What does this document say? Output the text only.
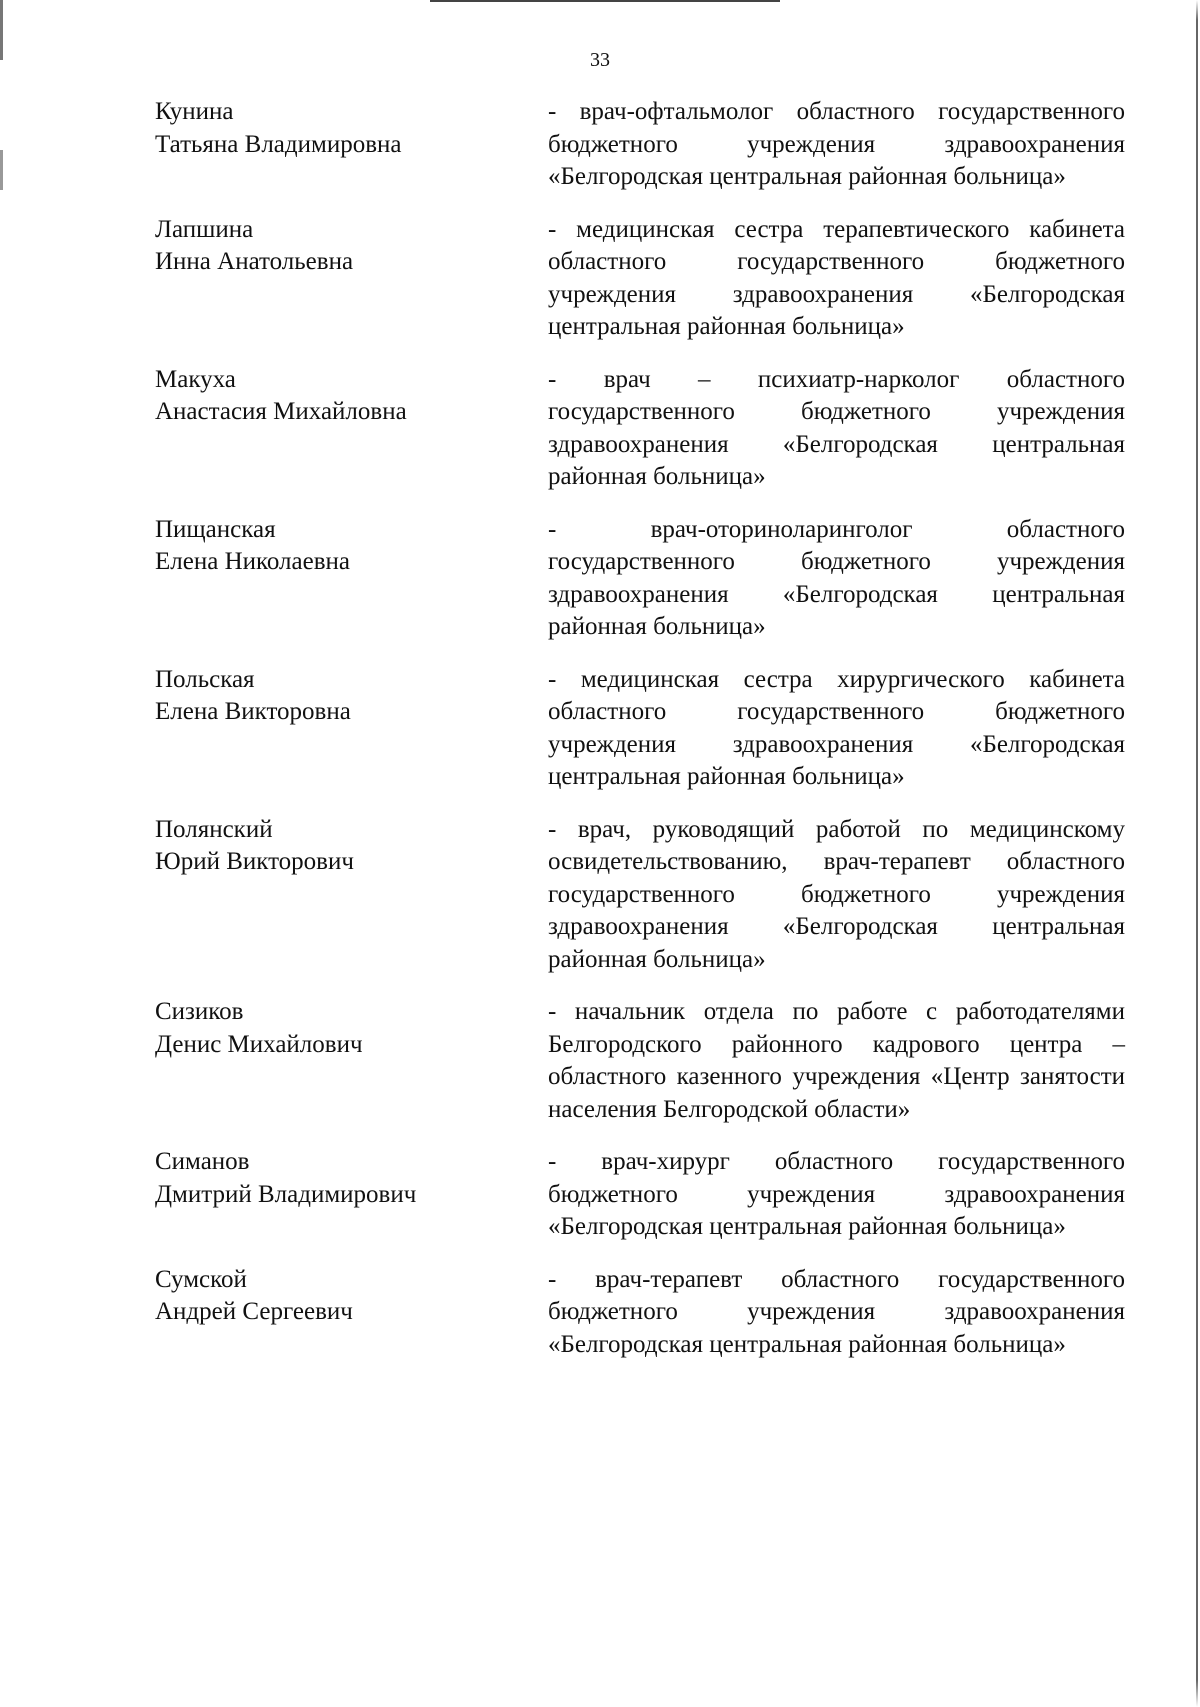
33
Кунина
Татьяна Владимировна
- врач-офтальмолог областного государственного бюджетного учреждения здравоохранения «Белгородская центральная районная больница»
Лапшина
Инна Анатольевна
- медицинская сестра терапевтического кабинета областного государственного бюджетного учреждения здравоохранения «Белгородская центральная районная больница»
Макуха
Анастасия Михайловна
- врач – психиатр-нарколог областного государственного бюджетного учреждения здравоохранения «Белгородская центральная районная больница»
Пищанская
Елена Николаевна
- врач-оториноларинголог областного государственного бюджетного учреждения здравоохранения «Белгородская центральная районная больница»
Польская
Елена Викторовна
- медицинская сестра хирургического кабинета областного государственного бюджетного учреждения здравоохранения «Белгородская центральная районная больница»
Полянский
Юрий Викторович
- врач, руководящий работой по медицинскому освидетельствованию, врач-терапевт областного государственного бюджетного учреждения здравоохранения «Белгородская центральная районная больница»
Сизиков
Денис Михайлович
- начальник отдела по работе с работодателями Белгородского районного кадрового центра – областного казенного учреждения «Центр занятости населения Белгородской области»
Симанов
Дмитрий Владимирович
- врач-хирург областного государственного бюджетного учреждения здравоохранения «Белгородская центральная районная больница»
Сумской
Андрей Сергеевич
- врач-терапевт областного государственного бюджетного учреждения здравоохранения «Белгородская центральная районная больница»
